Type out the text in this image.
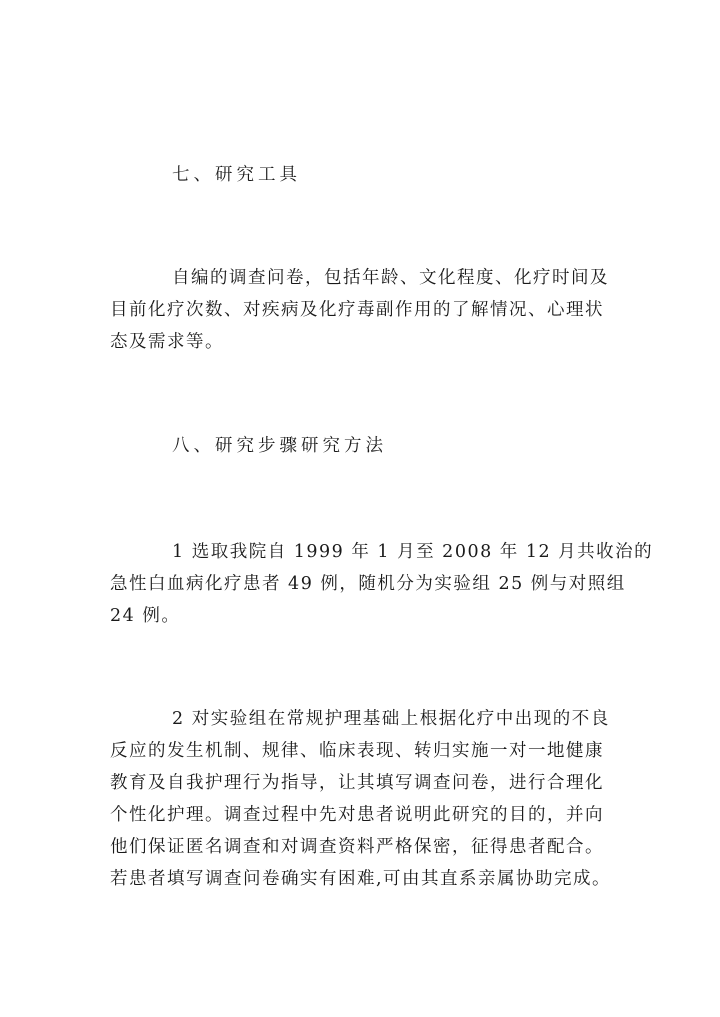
七、研究工具
自编的调查问卷，包括年龄、文化程度、化疗时间及
目前化疗次数、对疾病及化疗毒副作用的了解情况、心理状
态及需求等。
八、研究步骤研究方法
1 选取我院自 1999 年 1 月至 2008 年 12 月共收治的
急性白血病化疗患者 49 例，随机分为实验组 25 例与对照组
24 例。
2 对实验组在常规护理基础上根据化疗中出现的不良
反应的发生机制、规律、临床表现、转归实施一对一地健康
教育及自我护理行为指导，让其填写调查问卷，进行合理化
个性化护理。调查过程中先对患者说明此研究的目的，并向
他们保证匿名调查和对调查资料严格保密，征得患者配合。
若患者填写调查问卷确实有困难,可由其直系亲属协助完成。
